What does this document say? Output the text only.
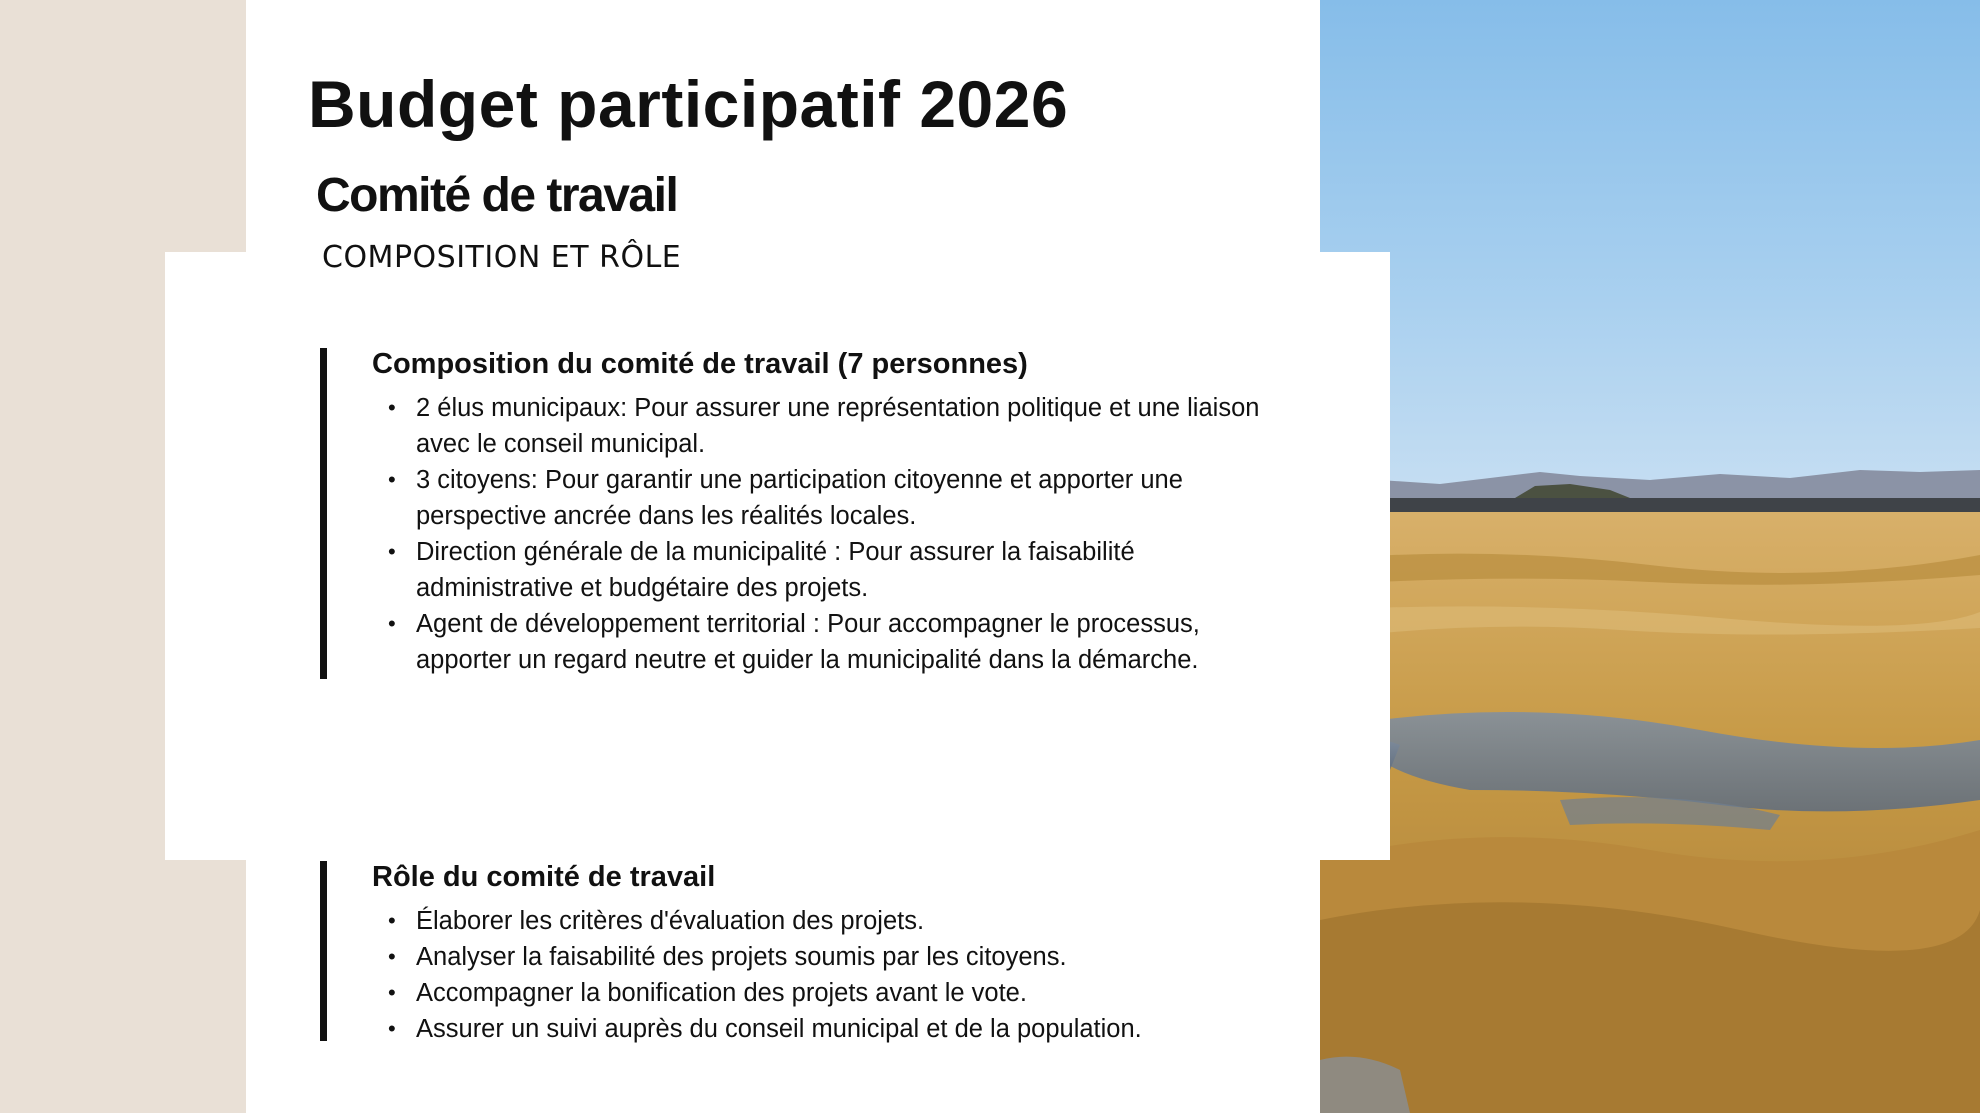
Budget participatif 2026
Comité de travail
COMPOSITION ET RÔLE
Composition du comité de travail (7 personnes)
• 2 élus municipaux: Pour assurer une représentation politique et une liaison avec le conseil municipal.
• 3 citoyens: Pour garantir une participation citoyenne et apporter une perspective ancrée dans les réalités locales.
• Direction générale de la municipalité : Pour assurer la faisabilité administrative et budgétaire des projets.
• Agent de développement territorial : Pour accompagner le processus, apporter un regard neutre et guider la municipalité dans la démarche.
Rôle du comité de travail
• Élaborer les critères d'évaluation des projets.
• Analyser la faisabilité des projets soumis par les citoyens.
• Accompagner la bonification des projets avant le vote.
• Assurer un suivi auprès du conseil municipal et de la population.
